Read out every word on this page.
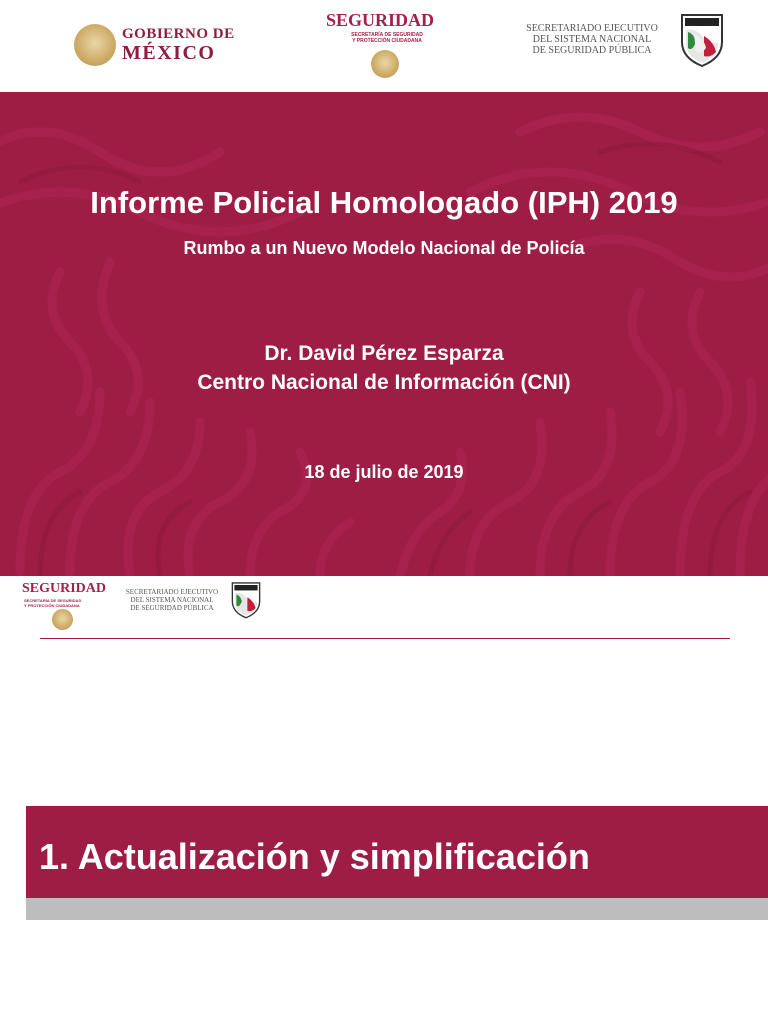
GOBIERNO DE
MÉXICO
SEGURIDAD
SECRETARÍA DE SEGURIDAD
Y PROTECCIÓN CIUDADANA
SECRETARIADO EJECUTIVO
DEL SISTEMA NACIONAL
DE SEGURIDAD PÚBLICA
Informe Policial Homologado (IPH) 2019
Rumbo a un Nuevo Modelo Nacional de Policía
Dr. David Pérez Esparza
Centro Nacional de Información (CNI)
18 de julio de 2019
SEGURIDAD
SECRETARÍA DE SEGURIDAD
Y PROTECCIÓN CIUDADANA
SECRETARIADO EJECUTIVO
DEL SISTEMA NACIONAL
DE SEGURIDAD PÚBLICA
1. Actualización y simplificación
